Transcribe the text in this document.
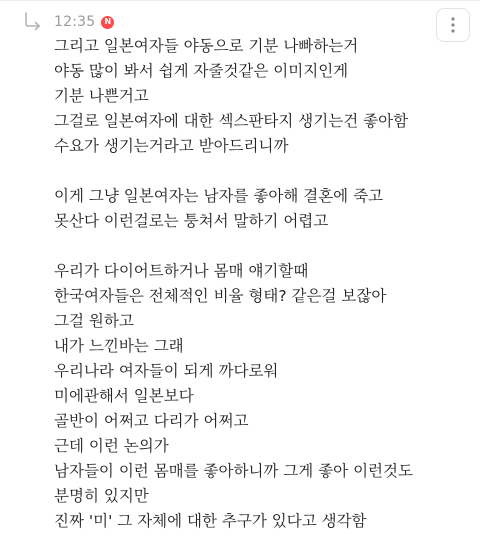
12:35	N
그리고 일본여자들 야동으로 기분 나빠하는거
야동 많이 봐서 쉽게 자줄것같은 이미지인게
기분 나쁜거고
그걸로 일본여자에 대한 섹스판타지 생기는건 좋아함
수요가 생기는거라고 받아드리니까
이게 그냥 일본여자는 남자를 좋아해 결혼에 죽고
못산다 이런걸로는 퉁쳐서 말하기 어렵고
우리가 다이어트하거나 몸매 얘기할때
한국여자들은 전체적인 비율 형태? 같은걸 보잖아
그걸 원하고
내가 느낀바는 그래
우리나라 여자들이 되게 까다로워
미에관해서 일본보다
골반이 어쩌고 다리가 어쩌고
근데 이런 논의가
남자들이 이런 몸매를 좋아하니까 그게 좋아 이런것도
분명히 있지만
진짜 '미' 그 자체에 대한 추구가 있다고 생각함
